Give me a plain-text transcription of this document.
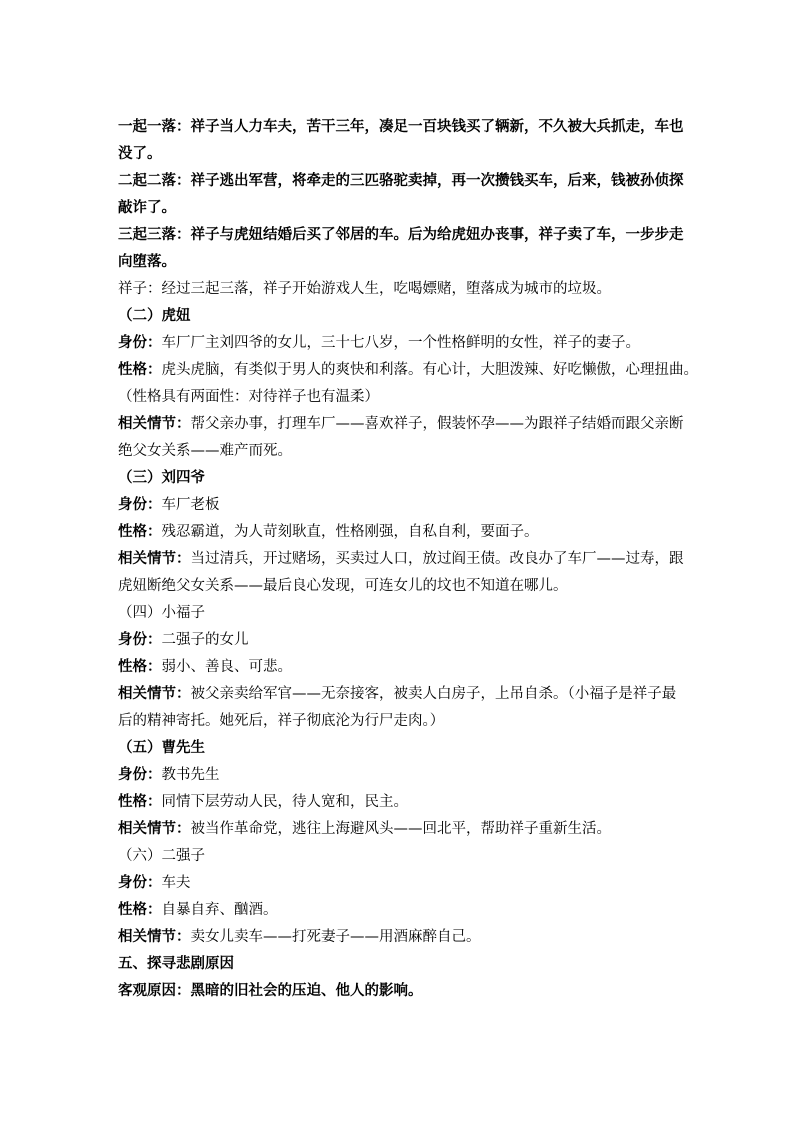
一起一落：祥子当人力车夫，苦干三年，凑足一百块钱买了辆新，不久被大兵抓走，车也
没了。
二起二落：祥子逃出军营，将牵走的三匹骆驼卖掉，再一次攒钱买车，后来，钱被孙侦探
敲诈了。
三起三落：祥子与虎妞结婚后买了邻居的车。后为给虎妞办丧事，祥子卖了车，一步步走
向堕落。
祥子：经过三起三落，祥子开始游戏人生，吃喝嫖赌，堕落成为城市的垃圾。
（二）虎妞
身份：车厂厂主刘四爷的女儿，三十七八岁，一个性格鲜明的女性，祥子的妻子。
性格：虎头虎脑，有类似于男人的爽快和利落。有心计，大胆泼辣、好吃懒傲，心理扭曲。
（性格具有两面性：对待祥子也有温柔）
相关情节：帮父亲办事，打理车厂——喜欢祥子，假装怀孕——为跟祥子结婚而跟父亲断
绝父女关系——难产而死。
（三）刘四爷
身份：车厂老板
性格：残忍霸道，为人苛刻耿直，性格刚强，自私自利，要面子。
相关情节：当过清兵，开过赌场，买卖过人口，放过阎王债。改良办了车厂——过寿，跟
虎妞断绝父女关系——最后良心发现，可连女儿的坟也不知道在哪儿。
（四）小福子
身份：二强子的女儿
性格：弱小、善良、可悲。
相关情节：被父亲卖给军官——无奈接客，被卖人白房子，上吊自杀。（小福子是祥子最
后的精神寄托。她死后，祥子彻底沦为行尸走肉。）
（五）曹先生
身份：教书先生
性格：同情下层劳动人民，待人宽和，民主。
相关情节：被当作革命党，逃往上海避风头——回北平，帮助祥子重新生活。
（六）二强子
身份：车夫
性格：自暴自弃、酗酒。
相关情节：卖女儿卖车——打死妻子——用酒麻醉自己。
五、探寻悲剧原因
客观原因：黑暗的旧社会的压迫、他人的影响。
